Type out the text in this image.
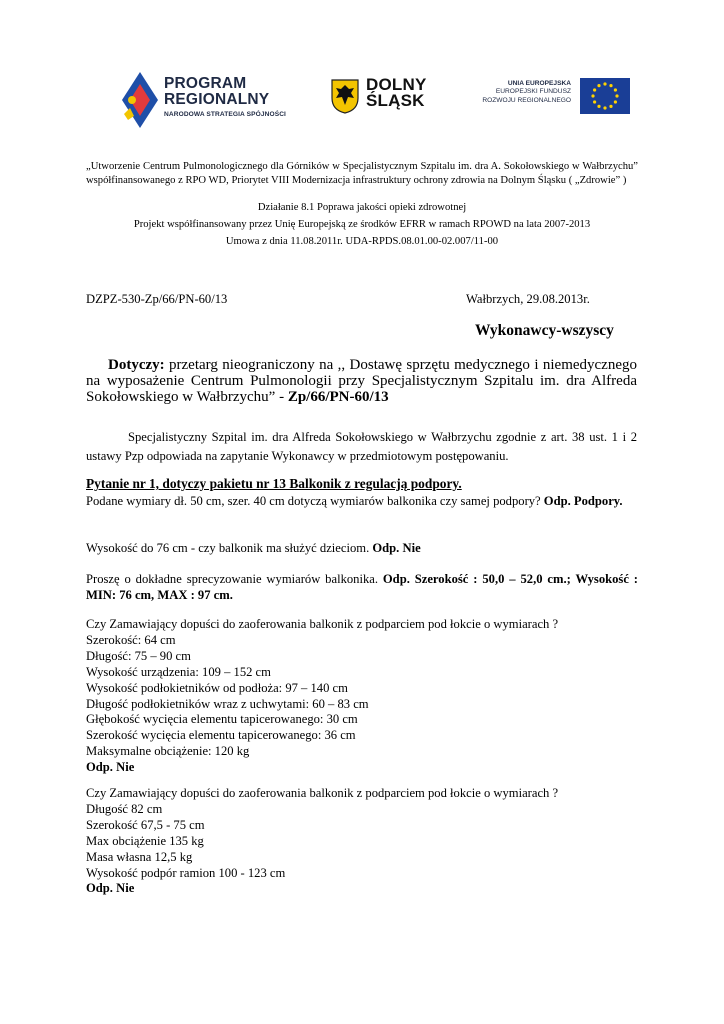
PROGRAM
REGIONALNY
NARODOWA STRATEGIA SPÓJNOŚCI
DOLNY
ŚLĄSK
UNIA EUROPEJSKA
EUROPEJSKI FUNDUSZ
ROZWOJU REGIONALNEGO
„Utworzenie Centrum Pulmonologicznego dla Górników w Specjalistycznym Szpitalu im. dra A. Sokołowskiego w Wałbrzychu” współfinansowanego z RPO WD, Priorytet VIII Modernizacja infrastruktury ochrony zdrowia na Dolnym Śląsku ( „Zdrowie” )
Działanie 8.1 Poprawa jakości opieki zdrowotnej
Projekt współfinansowany przez Unię Europejską ze środków EFRR w ramach RPOWD na lata 2007-2013
Umowa z dnia 11.08.2011r. UDA-RPDS.08.01.00-02.007/11-00
DZPZ-530-Zp/66/PN-60/13	Wałbrzych, 29.08.2013r.
Wykonawcy-wszyscy
Dotyczy: przetarg nieograniczony na ,, Dostawę sprzętu medycznego i niemedycznego na wyposażenie Centrum Pulmonologii przy Specjalistycznym Szpitalu im. dra Alfreda Sokołowskiego w Wałbrzychu” - Zp/66/PN-60/13
Specjalistyczny Szpital im. dra Alfreda Sokołowskiego w Wałbrzychu zgodnie z art. 38 ust. 1 i 2 ustawy Pzp odpowiada na zapytanie Wykonawcy w przedmiotowym postępowaniu.
Pytanie nr 1, dotyczy pakietu nr 13 Balkonik z regulacją podpory.
Podane wymiary dł. 50 cm, szer. 40 cm dotyczą wymiarów balkonika czy samej podpory? Odp. Podpory.
Wysokość do 76 cm - czy balkonik ma służyć dzieciom. Odp. Nie
Proszę o dokładne sprecyzowanie wymiarów balkonika. Odp. Szerokość : 50,0 – 52,0 cm.; Wysokość : MIN: 76 cm, MAX : 97 cm.
Czy Zamawiający dopuści do zaoferowania balkonik z podparciem pod łokcie o wymiarach ?
Szerokość: 64 cm
Długość: 75 – 90 cm
Wysokość urządzenia: 109 – 152 cm
Wysokość podłokietników od podłoża: 97 – 140 cm
Długość podłokietników wraz z uchwytami: 60 – 83 cm
Głębokość wycięcia elementu tapicerowanego: 30 cm
Szerokość wycięcia elementu tapicerowanego: 36 cm
Maksymalne obciążenie: 120 kg
Odp. Nie
Czy Zamawiający dopuści do zaoferowania balkonik z podparciem pod łokcie o wymiarach ?
Długość 82 cm
Szerokość 67,5 - 75 cm
Max obciążenie 135 kg
Masa własna 12,5 kg
Wysokość podpór ramion 100 - 123 cm
Odp. Nie
